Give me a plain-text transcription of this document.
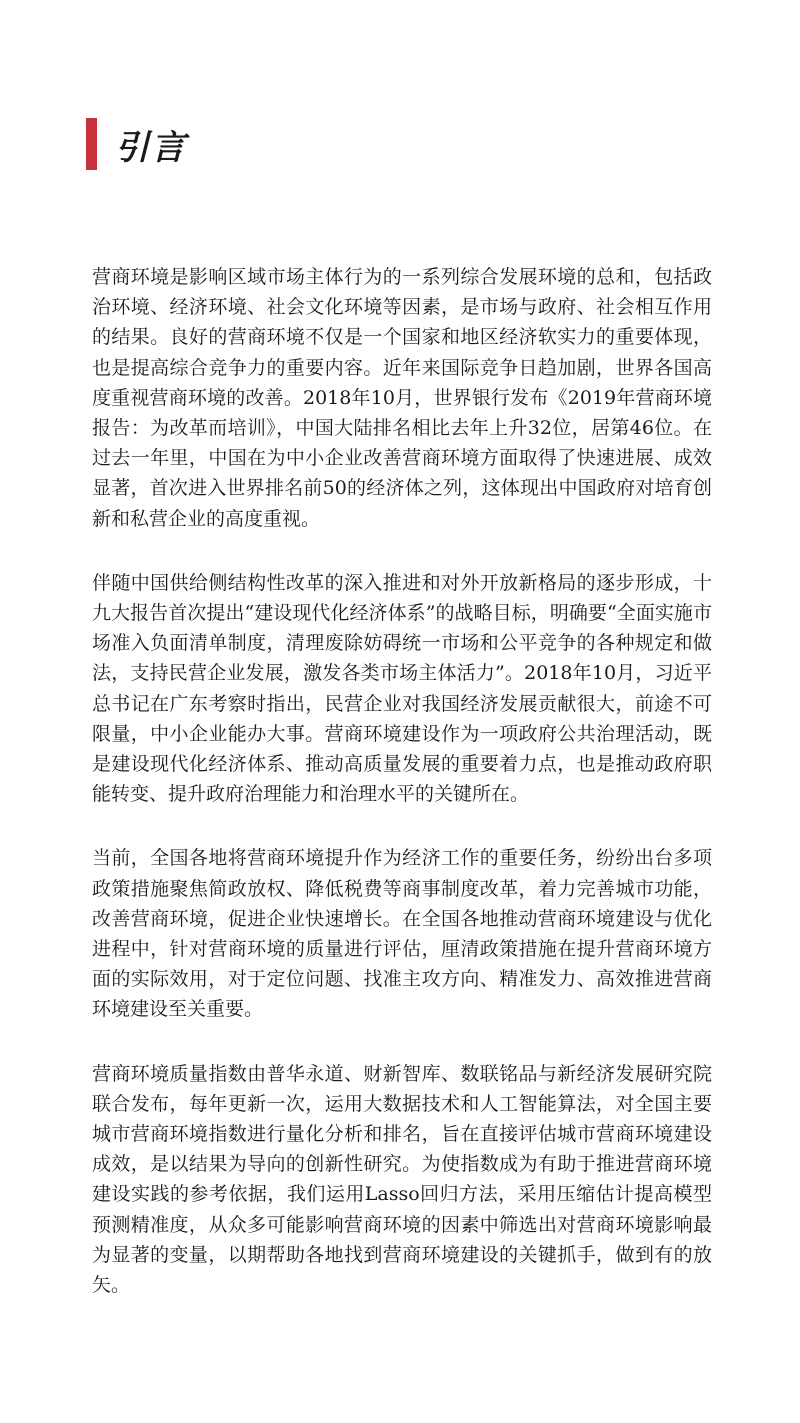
引言

营商环境是影响区域市场主体行为的一系列综合发展环境的总和，包括政治环境、经济环境、社会文化环境等因素，是市场与政府、社会相互作用的结果。良好的营商环境不仅是一个国家和地区经济软实力的重要体现，也是提高综合竞争力的重要内容。近年来国际竞争日趋加剧，世界各国高度重视营商环境的改善。2018年10月，世界银行发布《2019年营商环境报告：为改革而培训》，中国大陆排名相比去年上升32位，居第46位。在过去一年里，中国在为中小企业改善营商环境方面取得了快速进展、成效显著，首次进入世界排名前50的经济体之列，这体现出中国政府对培育创新和私营企业的高度重视。

伴随中国供给侧结构性改革的深入推进和对外开放新格局的逐步形成，十九大报告首次提出“建设现代化经济体系”的战略目标，明确要“全面实施市场准入负面清单制度，清理废除妨碍统一市场和公平竞争的各种规定和做法，支持民营企业发展，激发各类市场主体活力”。2018年10月，习近平总书记在广东考察时指出，民营企业对我国经济发展贡献很大，前途不可限量，中小企业能办大事。营商环境建设作为一项政府公共治理活动，既是建设现代化经济体系、推动高质量发展的重要着力点，也是推动政府职能转变、提升政府治理能力和治理水平的关键所在。

当前，全国各地将营商环境提升作为经济工作的重要任务，纷纷出台多项政策措施聚焦简政放权、降低税费等商事制度改革，着力完善城市功能，改善营商环境，促进企业快速增长。在全国各地推动营商环境建设与优化进程中，针对营商环境的质量进行评估，厘清政策措施在提升营商环境方面的实际效用，对于定位问题、找准主攻方向、精准发力、高效推进营商环境建设至关重要。

营商环境质量指数由普华永道、财新智库、数联铭品与新经济发展研究院联合发布，每年更新一次，运用大数据技术和人工智能算法，对全国主要城市营商环境指数进行量化分析和排名，旨在直接评估城市营商环境建设成效，是以结果为导向的创新性研究。为使指数成为有助于推进营商环境建设实践的参考依据，我们运用Lasso回归方法，采用压缩估计提高模型预测精准度，从众多可能影响营商环境的因素中筛选出对营商环境影响最为显著的变量，以期帮助各地找到营商环境建设的关键抓手，做到有的放矢。
